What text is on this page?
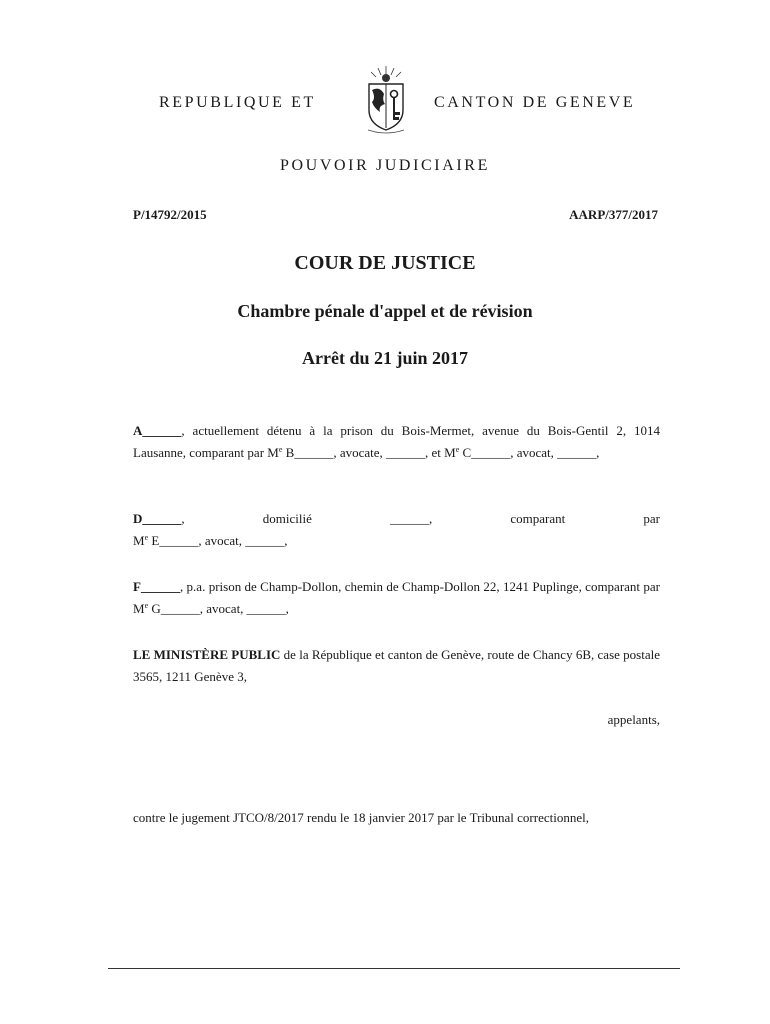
REPUBLIQUE ET	CANTON DE GENEVE
POUVOIR JUDICIAIRE
P/14792/2015	AARP/377/2017
COUR DE JUSTICE
Chambre pénale d'appel et de révision
Arrêt du 21 juin 2017
A______, actuellement détenu à la prison du Bois-Mermet, avenue du Bois-Gentil 2, 1014 Lausanne, comparant par Me B______, avocate, ______, et Me C______, avocat, ______,
D______,	domicilié	______,	comparant	par
Me E______, avocat, ______,
F______, p.a. prison de Champ-Dollon, chemin de Champ-Dollon 22, 1241 Puplinge, comparant par Me G______, avocat, ______,
LE MINISTÈRE PUBLIC de la République et canton de Genève, route de Chancy 6B, case postale 3565, 1211 Genève 3,
appelants,
contre le jugement JTCO/8/2017 rendu le 18 janvier 2017 par le Tribunal correctionnel,
